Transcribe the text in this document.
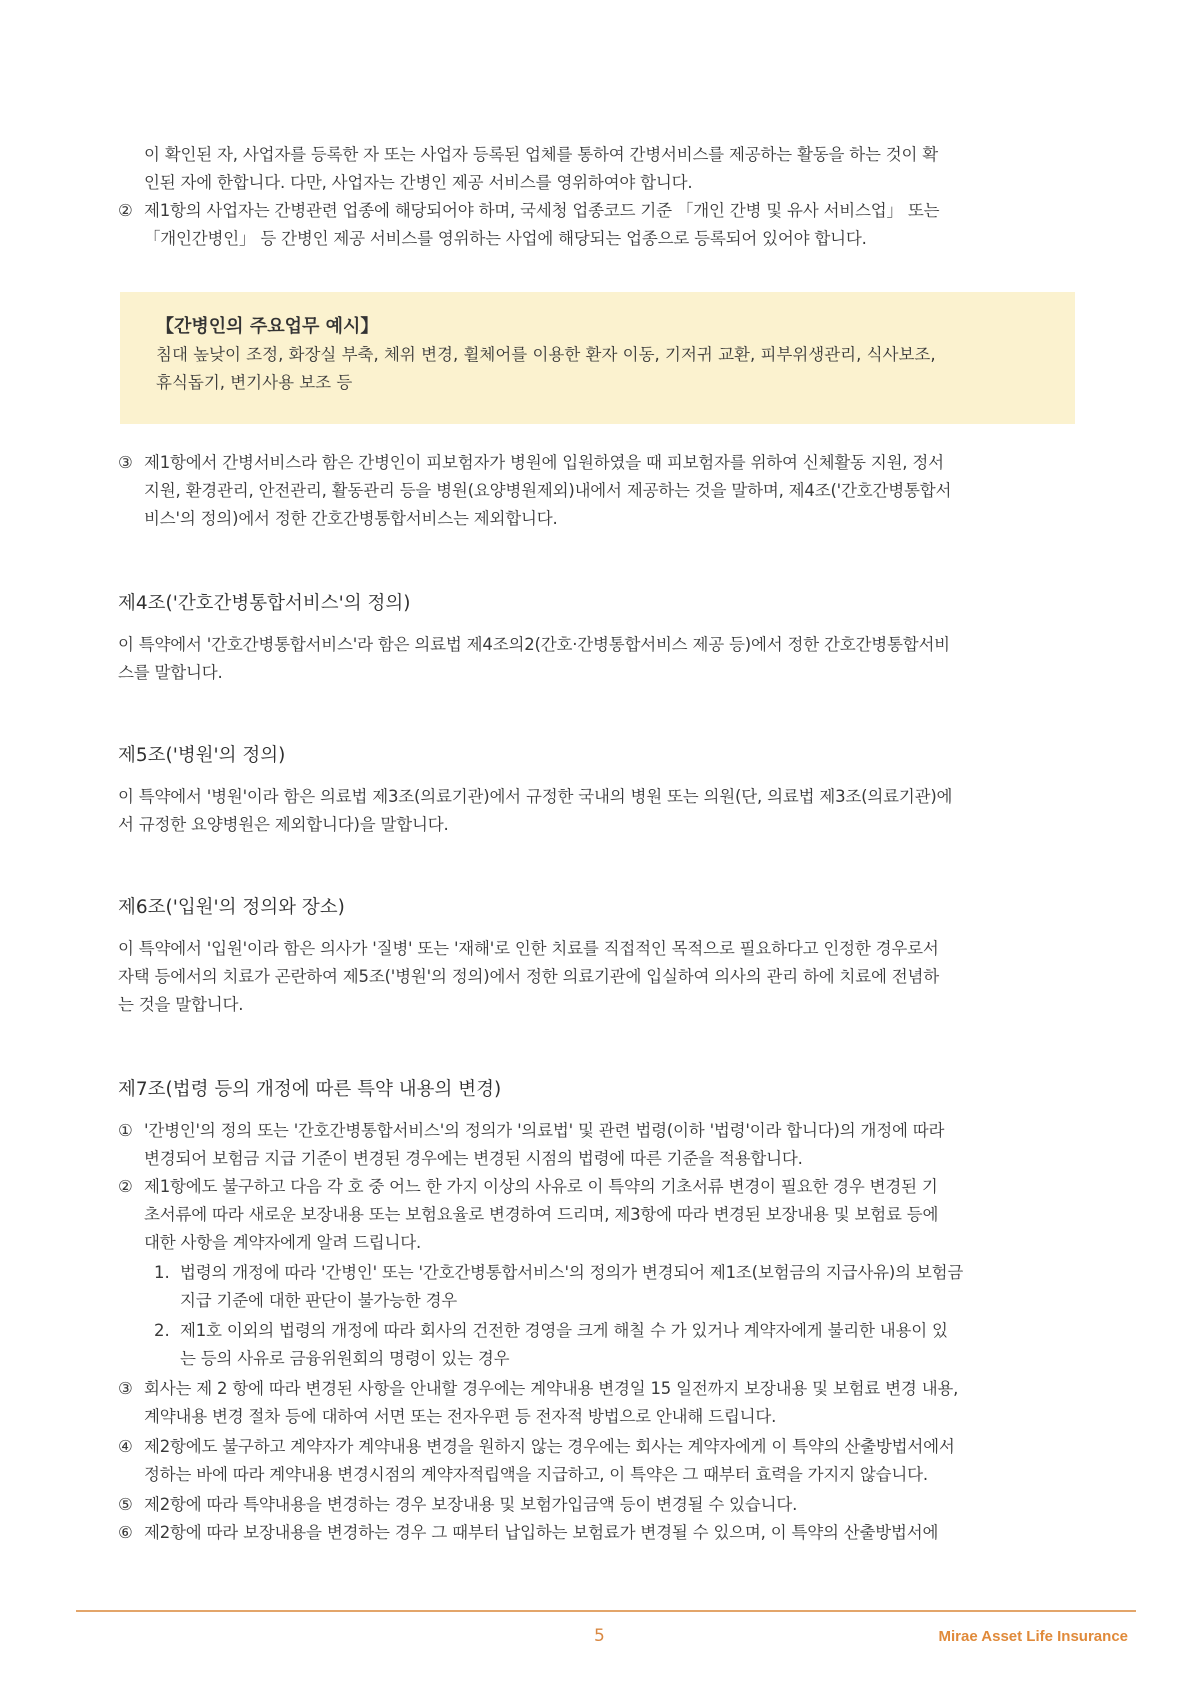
이 확인된 자, 사업자를 등록한 자 또는 사업자 등록된 업체를 통하여 간병서비스를 제공하는 활동을 하는 것이 확
인된 자에 한합니다. 다만, 사업자는 간병인 제공 서비스를 영위하여야 합니다.
② 제1항의 사업자는 간병관련 업종에 해당되어야 하며, 국세청 업종코드 기준 「개인 간병 및 유사 서비스업」 또는
「개인간병인」 등 간병인 제공 서비스를 영위하는 사업에 해당되는 업종으로 등록되어 있어야 합니다.
【간병인의 주요업무 예시】
침대 높낮이 조정, 화장실 부축, 체위 변경, 휠체어를 이용한 환자 이동, 기저귀 교환, 피부위생관리, 식사보조,
휴식돕기, 변기사용 보조 등
③ 제1항에서 간병서비스라 함은 간병인이 피보험자가 병원에 입원하였을 때 피보험자를 위하여 신체활동 지원, 정서
지원, 환경관리, 안전관리, 활동관리 등을 병원(요양병원제외)내에서 제공하는 것을 말하며, 제4조('간호간병통합서
비스'의 정의)에서 정한 간호간병통합서비스는 제외합니다.
제4조('간호간병통합서비스'의 정의)
이 특약에서 '간호간병통합서비스'라 함은 의료법 제4조의2(간호·간병통합서비스 제공 등)에서 정한 간호간병통합서비
스를 말합니다.
제5조('병원'의 정의)
이 특약에서 '병원'이라 함은 의료법 제3조(의료기관)에서 규정한 국내의 병원 또는 의원(단, 의료법 제3조(의료기관)에
서 규정한 요양병원은 제외합니다)을 말합니다.
제6조('입원'의 정의와 장소)
이 특약에서 '입원'이라 함은 의사가 '질병' 또는 '재해'로 인한 치료를 직접적인 목적으로 필요하다고 인정한 경우로서
자택 등에서의 치료가 곤란하여 제5조('병원'의 정의)에서 정한 의료기관에 입실하여 의사의 관리 하에 치료에 전념하
는 것을 말합니다.
제7조(법령 등의 개정에 따른 특약 내용의 변경)
① '간병인'의 정의 또는 '간호간병통합서비스'의 정의가 '의료법' 및 관련 법령(이하 '법령'이라 합니다)의 개정에 따라
변경되어 보험금 지급 기준이 변경된 경우에는 변경된 시점의 법령에 따른 기준을 적용합니다.
② 제1항에도 불구하고 다음 각 호 중 어느 한 가지 이상의 사유로 이 특약의 기초서류 변경이 필요한 경우 변경된 기
초서류에 따라 새로운 보장내용 또는 보험요율로 변경하여 드리며, 제3항에 따라 변경된 보장내용 및 보험료 등에
대한 사항을 계약자에게 알려 드립니다.
1. 법령의 개정에 따라 '간병인' 또는 '간호간병통합서비스'의 정의가 변경되어 제1조(보험금의 지급사유)의 보험금
지급 기준에 대한 판단이 불가능한 경우
2. 제1호 이외의 법령의 개정에 따라 회사의 건전한 경영을 크게 해칠 수 가 있거나 계약자에게 불리한 내용이 있
는 등의 사유로 금융위원회의 명령이 있는 경우
③ 회사는 제 2 항에 따라 변경된 사항을 안내할 경우에는 계약내용 변경일 15 일전까지 보장내용 및 보험료 변경 내용,
계약내용 변경 절차 등에 대하여 서면 또는 전자우편 등 전자적 방법으로 안내해 드립니다.
④ 제2항에도 불구하고 계약자가 계약내용 변경을 원하지 않는 경우에는 회사는 계약자에게 이 특약의 산출방법서에서
정하는 바에 따라 계약내용 변경시점의 계약자적립액을 지급하고, 이 특약은 그 때부터 효력을 가지지 않습니다.
⑤ 제2항에 따라 특약내용을 변경하는 경우 보장내용 및 보험가입금액 등이 변경될 수 있습니다.
⑥ 제2항에 따라 보장내용을 변경하는 경우 그 때부터 납입하는 보험료가 변경될 수 있으며, 이 특약의 산출방법서에
5	Mirae Asset Life Insurance
